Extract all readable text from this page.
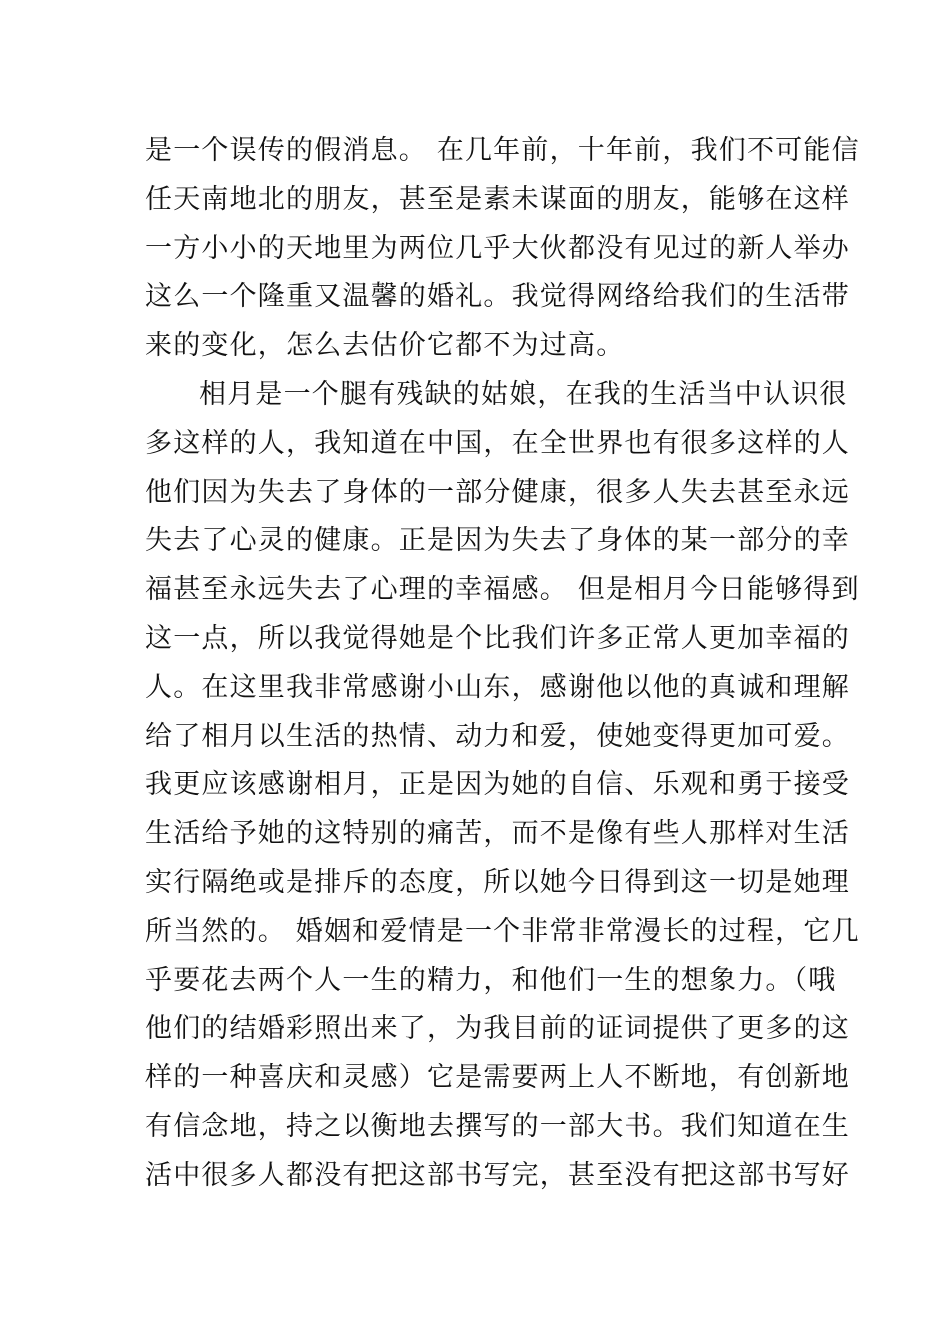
是一个误传的假消息。 在几年前，十年前，我们不可能信
任天南地北的朋友，甚至是素未谋面的朋友，能够在这样
一方小小的天地里为两位几乎大伙都没有见过的新人举办
这么一个隆重又温馨的婚礼。我觉得网络给我们的生活带
来的变化，怎么去估价它都不为过高。
相月是一个腿有残缺的姑娘，在我的生活当中认识很
多这样的人，我知道在中国，在全世界也有很多这样的人
他们因为失去了身体的一部分健康，很多人失去甚至永远
失去了心灵的健康。正是因为失去了身体的某一部分的幸
福甚至永远失去了心理的幸福感。 但是相月今日能够得到
这一点，所以我觉得她是个比我们许多正常人更加幸福的
人。在这里我非常感谢小山东，感谢他以他的真诚和理解
给了相月以生活的热情、动力和爱，使她变得更加可爱。
我更应该感谢相月，正是因为她的自信、乐观和勇于接受
生活给予她的这特别的痛苦，而不是像有些人那样对生活
实行隔绝或是排斥的态度，所以她今日得到这一切是她理
所当然的。 婚姻和爱情是一个非常非常漫长的过程，它几
乎要花去两个人一生的精力，和他们一生的想象力。（哦
他们的结婚彩照出来了，为我目前的证词提供了更多的这
样的一种喜庆和灵感）它是需要两上人不断地，有创新地
有信念地，持之以衡地去撰写的一部大书。我们知道在生
活中很多人都没有把这部书写完，甚至没有把这部书写好
